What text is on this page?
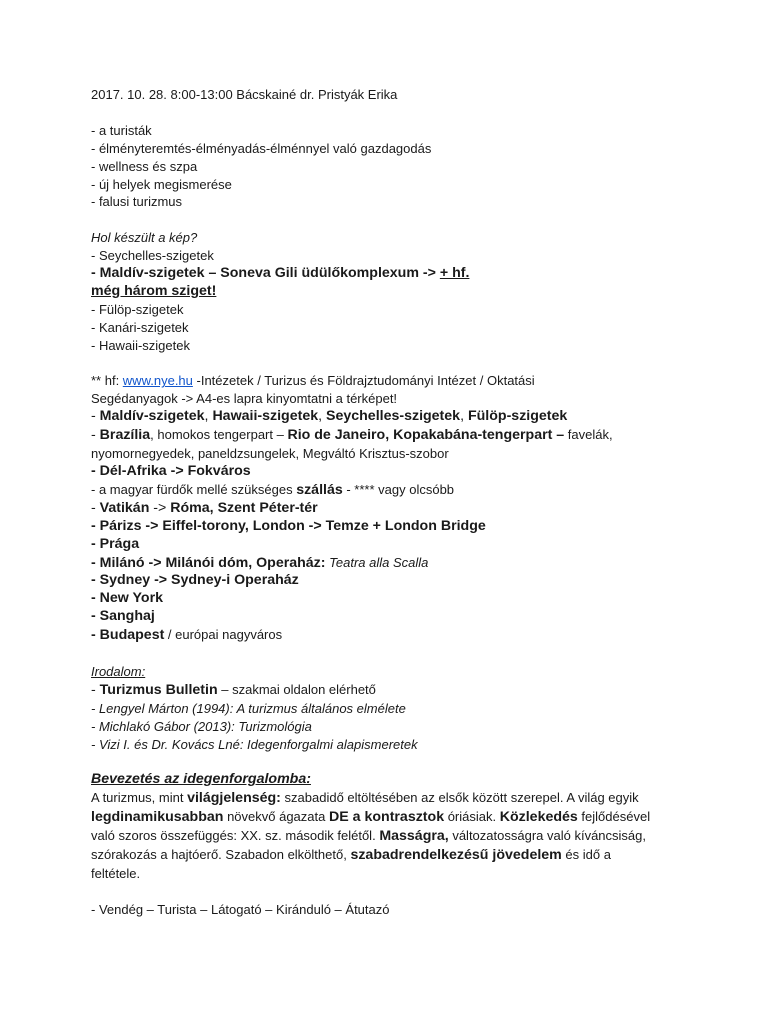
2017. 10. 28. 8:00-13:00 Bácskainé dr. Pristyák Erika
- a turisták
- élményteremtés-élményadás-élménnyel való gazdagodás
- wellness és szpa
- új helyek megismerése
- falusi turizmus
Hol készült a kép?
- Seychelles-szigetek
- Maldív-szigetek – Soneva Gili üdülőkomplexum -> + hf.
még három sziget!
- Fülöp-szigetek
- Kanári-szigetek
- Hawaii-szigetek
** hf: www.nye.hu -Intézetek / Turizus és Földrajztudományi Intézet / Oktatási
Segédanyagok -> A4-es lapra kinyomtatni a térképet!
- Maldív-szigetek, Hawaii-szigetek, Seychelles-szigetek, Fülöp-szigetek
- Brazília, homokos tengerpart – Rio de Janeiro, Kopakabána-tengerpart – favelák,
nyomornegyedek, paneldzsungelek, Megváltó Krisztus-szobor
- Dél-Afrika -> Fokváros
- a magyar fürdők mellé szükséges szállás - **** vagy olcsóbb
- Vatikán -> Róma, Szent Péter-tér
- Párizs -> Eiffel-torony, London -> Temze + London Bridge
- Prága
- Milánó -> Milánói dóm, Operaház: Teatra alla Scalla
- Sydney -> Sydney-i Operaház
- New York
- Sanghaj
- Budapest / európai nagyváros
Irodalom:
- Turizmus Bulletin – szakmai oldalon elérhető
- Lengyel Márton (1994): A turizmus általános elmélete
- Michlakó Gábor (2013): Turizmológia
- Vizi I. és Dr. Kovács Lné: Idegenforgalmi alapismeretek
Bevezetés az idegenforgalomba:
A turizmus, mint világjelenség: szabadidő eltöltésében az elsők között szerepel. A világ egyik
legdinamikusabban növekvő ágazata DE a kontrasztok óriásiak. Közlekedés fejlődésével
való szoros összefüggés: XX. sz. második felétől. Masságra, változatosságra való kíváncsiság,
szórakozás a hajtóerő. Szabadon elkölthető, szabadrendelkezésű jövedelem és idő a
feltétele.
- Vendég – Turista – Látogató – Kiránduló – Átutazó
